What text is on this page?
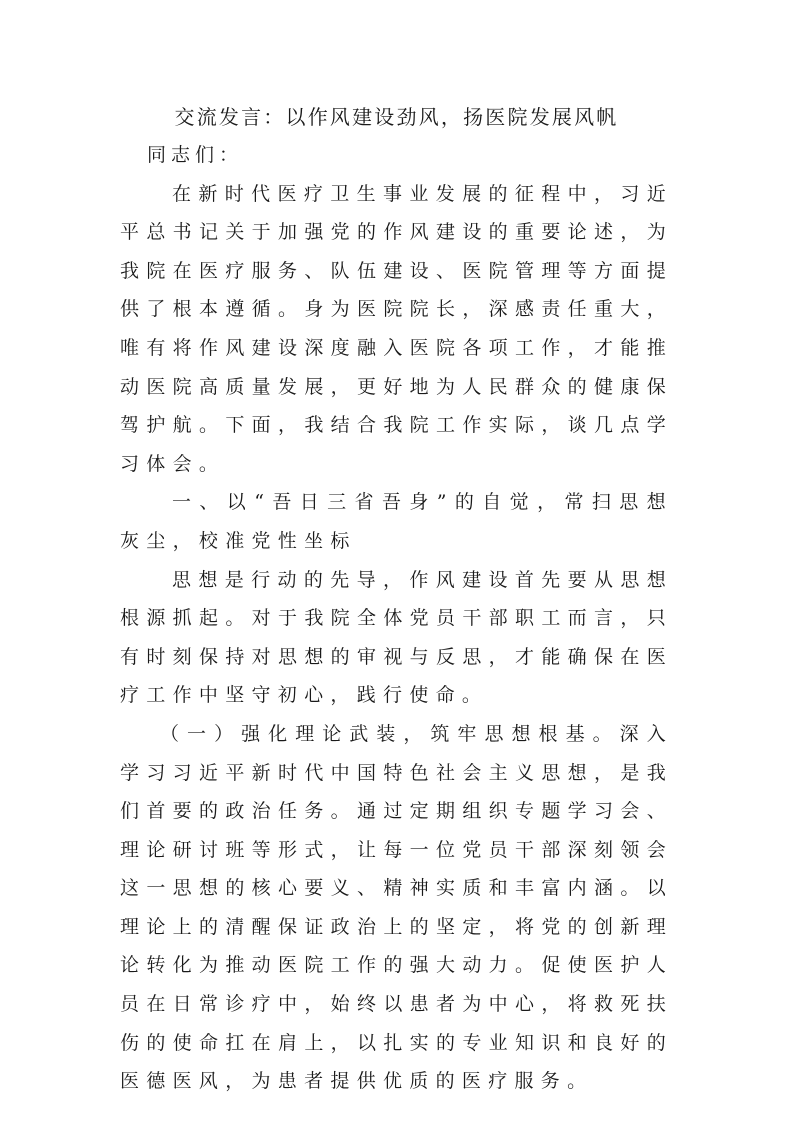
交流发言：以作风建设劲风，扬医院发展风帆

同志们：

在新时代医疗卫生事业发展的征程中，习近平总书记关于加强党的作风建设的重要论述，为我院在医疗服务、队伍建设、医院管理等方面提供了根本遵循。身为医院院长，深感责任重大，唯有将作风建设深度融入医院各项工作，才能推动医院高质量发展，更好地为人民群众的健康保驾护航。下面，我结合我院工作实际，谈几点学习体会。

一、以“吾日三省吾身”的自觉，常扫思想灰尘，校准党性坐标

思想是行动的先导，作风建设首先要从思想根源抓起。对于我院全体党员干部职工而言，只有时刻保持对思想的审视与反思，才能确保在医疗工作中坚守初心，践行使命。

（一）强化理论武装，筑牢思想根基。深入学习习近平新时代中国特色社会主义思想，是我们首要的政治任务。通过定期组织专题学习会、理论研讨班等形式，让每一位党员干部深刻领会这一思想的核心要义、精神实质和丰富内涵。以理论上的清醒保证政治上的坚定，将党的创新理论转化为推动医院工作的强大动力。促使医护人员在日常诊疗中，始终以患者为中心，将救死扶伤的使命扛在肩上，以扎实的专业知识和良好的医德医风，为患者提供优质的医疗服务。
